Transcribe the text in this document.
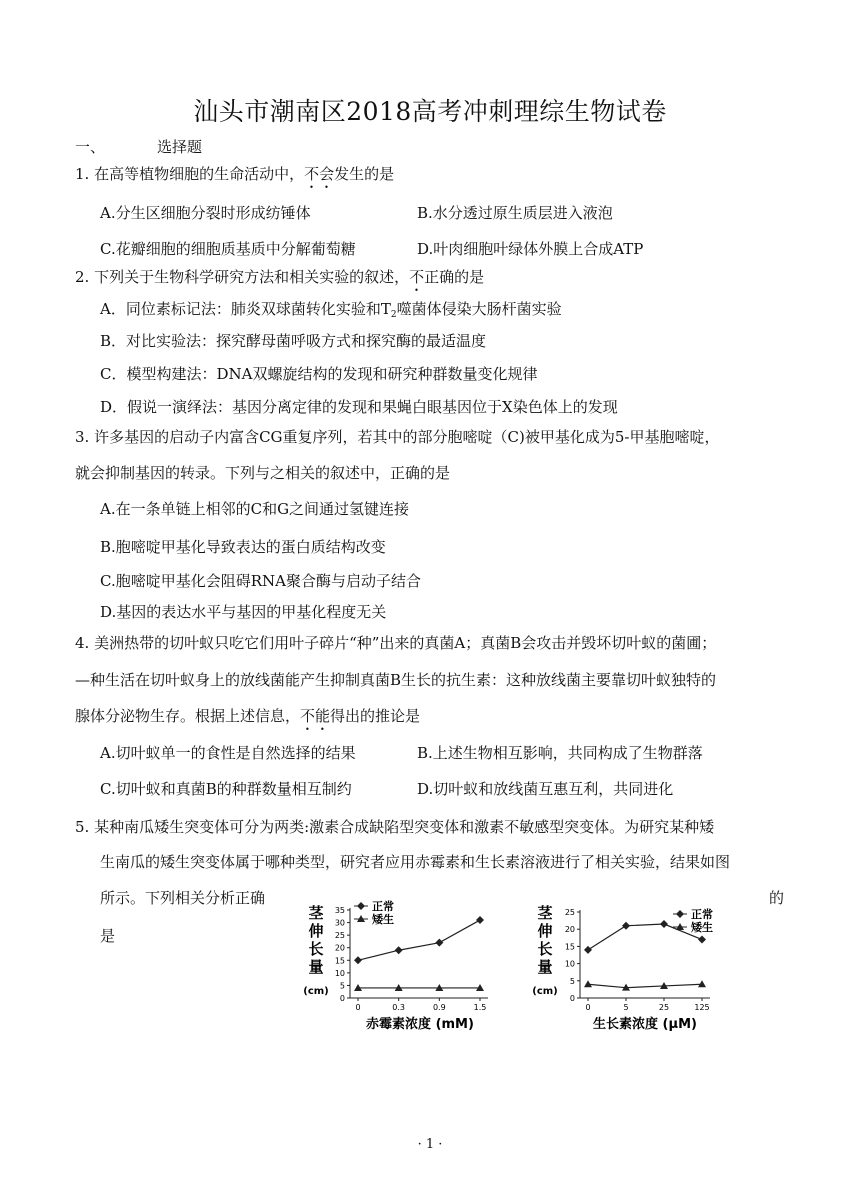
汕头市潮南区2018高考冲刺理综生物试卷
一、	选择题
1. 在高等植物细胞的生命活动中，不会发生的是
A.分生区细胞分裂时形成纺锤体	B.水分透过原生质层进入液泡
C.花瓣细胞的细胞质基质中分解葡萄糖	D.叶肉细胞叶绿体外膜上合成ATP
2. 下列关于生物科学研究方法和相关实验的叙述，不正确的是
A．同位素标记法：肺炎双球菌转化实验和$T_2$噬菌体侵染大肠杆菌实验
B．对比实验法：探究酵母菌呼吸方式和探究酶的最适温度
C．模型构建法：DNA双螺旋结构的发现和研究种群数量变化规律
D．假说一演绎法：基因分离定律的发现和果蝇白眼基因位于X染色体上的发现
3. 许多基因的启动子内富含CG重复序列，若其中的部分胞嘧啶（C)被甲基化成为5-甲基胞嘧啶，
就会抑制基因的转录。下列与之相关的叙述中，正确的是
A.在一条单链上相邻的C和G之间通过氢键连接
B.胞嘧啶甲基化导致表达的蛋白质结构改变
C.胞嘧啶甲基化会阻碍RNA聚合酶与启动子结合
D.基因的表达水平与基因的甲基化程度无关
4. 美洲热带的切叶蚁只吃它们用叶子碎片“种”出来的真菌A；真菌B会攻击并毁坏切叶蚁的菌圃；
—种生活在切叶蚁身上的放线菌能产生抑制真菌B生长的抗生素：这种放线菌主要靠切叶蚁独特的
腺体分泌物生存。根据上述信息，不能得出的推论是
A.切叶蚁单一的食性是自然选择的结果	B.上述生物相互影响，共同构成了生物群落
C.切叶蚁和真菌B的种群数量相互制约	D.切叶蚁和放线菌互惠互利，共同进化
5. 某种南瓜矮生突变体可分为两类:激素合成缺陷型突变体和激素不敏感型突变体。为研究某种矮
生南瓜的矮生突变体属于哪种类型，研究者应用赤霉素和生长素溶液进行了相关实验，结果如图
所示。下列相关分析正确	的
是
茎
伸
长
量
(cm)
0
5
10
15
20
25
30
35
0	0.3	0.9	1.5
赤霉素浓度 (mM)
正常
矮生	茎
伸
长
量
(cm)
0
5
10
15
20
25
0	5	25	125
生长素浓度 (μM)
正常
矮生
· 1 ·
